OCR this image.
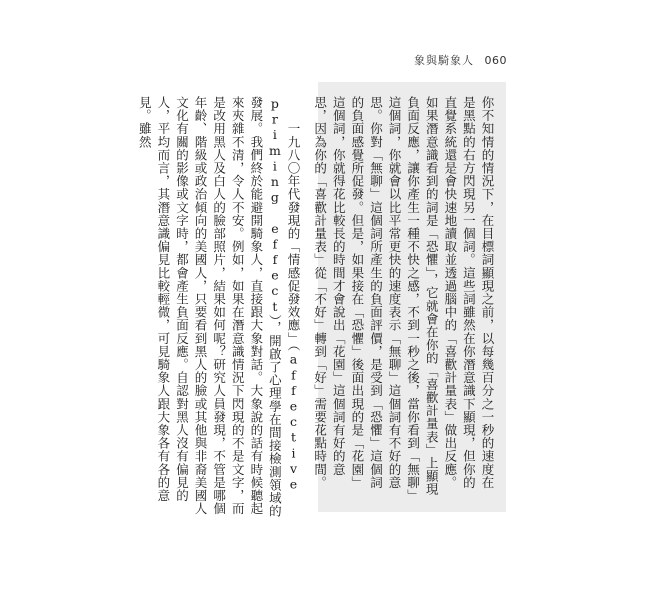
象與騎象人 060
你不知情的情況下，在目標詞顯現之前，以每幾百分之一秒的速度在是黑點的右方閃現另一個詞。這些詞雖然在你潛意識下顯現，但你的直覺系統還是會快速地讀取並透過腦中的「喜歡計量表」做出反應。如果潛意識看到的詞是「恐懼」，它就會在你的「喜歡計量表」上顯現負面反應，讓你產生一種不快之感，不到一秒之後，當你看到「無聊」這個詞，你就會以比平常更快的速度表示「無聊」這個詞有不好的意思。你對「無聊」這個詞所產生的負面評價，是受到「恐懼」這個詞的負面感覺所促發。但是，如果接在「恐懼」後面出現的是「花園」這個詞，你就得花比較長的時間才會說出「花園」這個詞有好的意思，因為你的「喜歡計量表」從「不好」轉到「好」需要花點時間。
　　一九八〇年代發現的「情感促發效應」（affective priming effect），開啟了心理學在間接檢測領域的發展。我們終於能避開騎象人，直接跟大象對話。大象說的話有時候聽起來夾雜不清，令人不安。例如，如果在潛意識情況下閃現的不是文字，而是改用黑人及白人的臉部照片，結果如何呢？研究人員發現，不管是哪個年齡、階級或政治傾向的美國人，只要看到黑人的臉或其他與非裔美國人文化有關的影像或文字時，都會產生負面反應。自認對黑人沒有偏見的人，平均而言，其潛意識偏見比較輕微，可見騎象人跟大象各有各的意見。雖然
